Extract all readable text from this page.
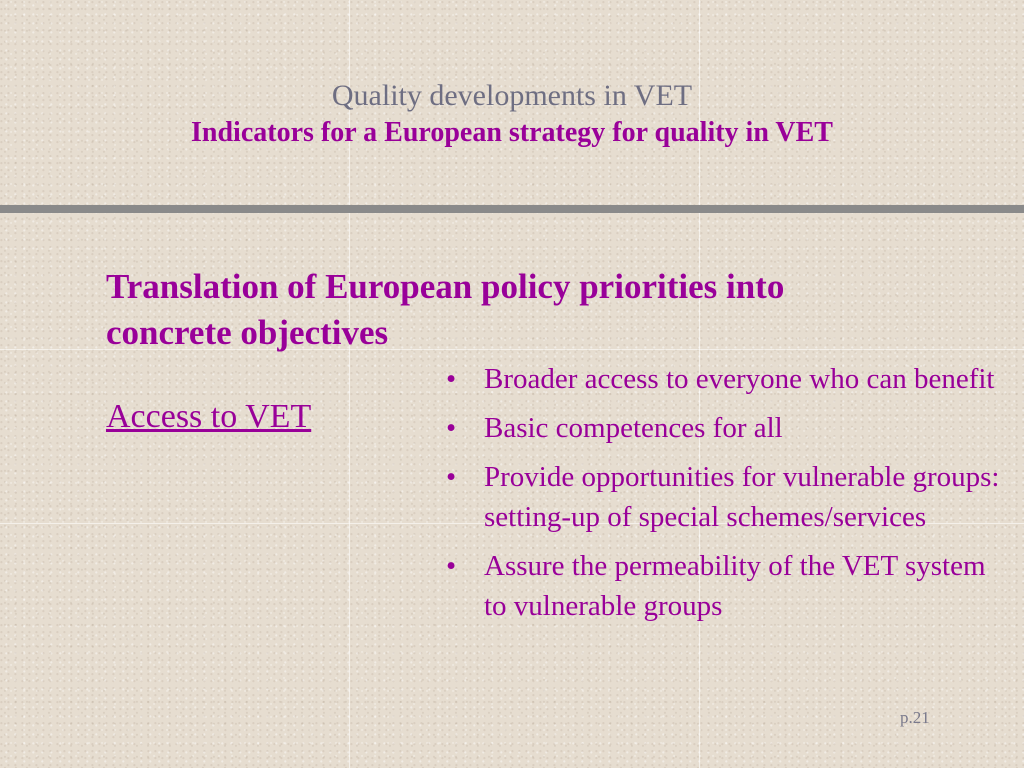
Quality developments in VET
Indicators for a European strategy for quality in VET
Translation of European policy priorities into concrete objectives
Access to VET
• Broader access to everyone who can benefit
• Basic competences for all
• Provide opportunities for vulnerable groups: setting-up of special schemes/services
• Assure the permeability of the VET system to vulnerable groups
p.21
